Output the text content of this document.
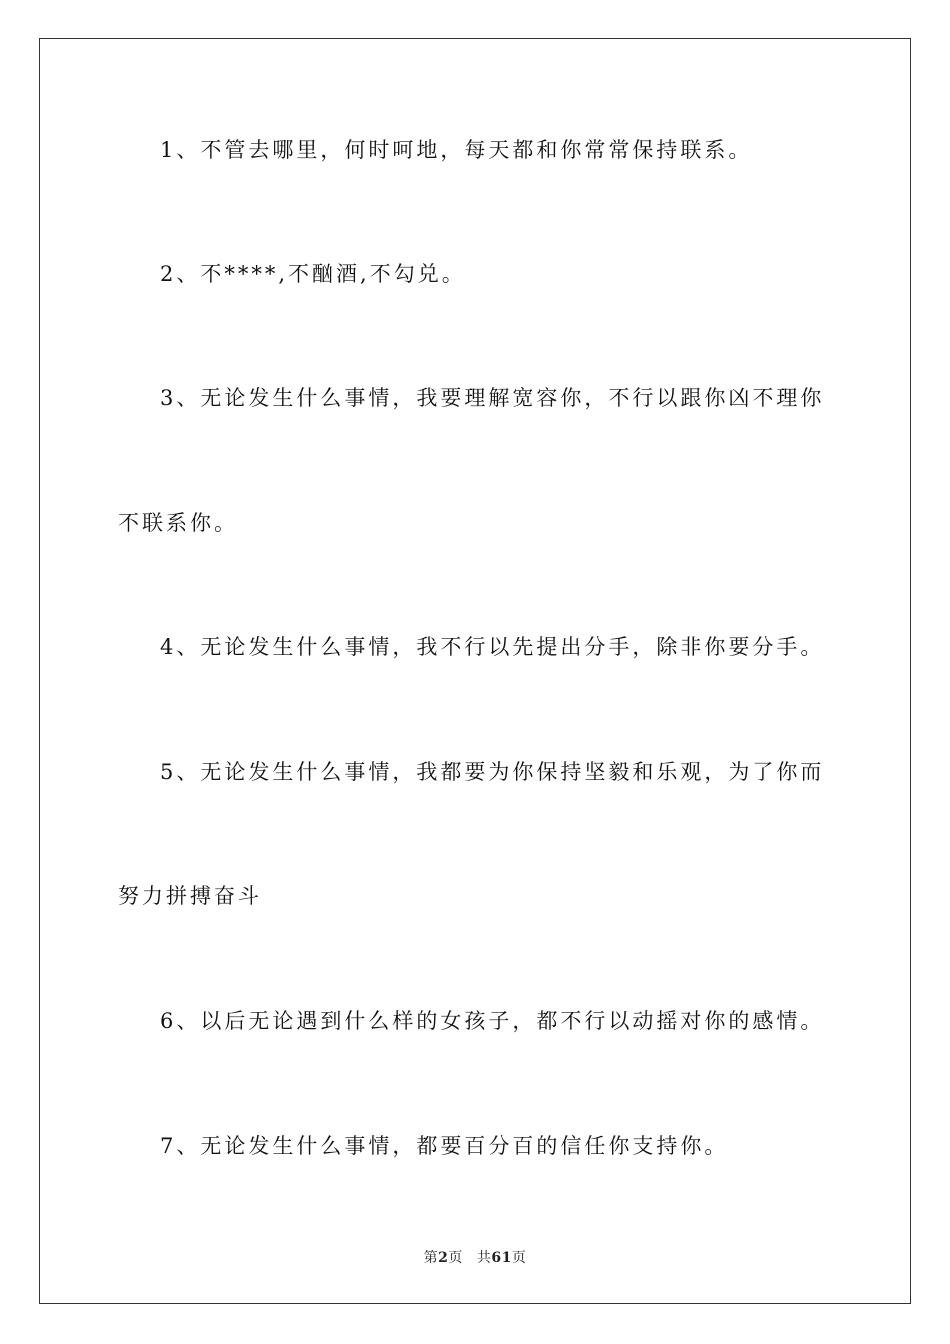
1、不管去哪里，何时呵地，每天都和你常常保持联系。
2、不****,不酗酒,不勾兑。
3、无论发生什么事情，我要理解宽容你，不行以跟你凶不理你
不联系你。
4、无论发生什么事情，我不行以先提出分手，除非你要分手。
5、无论发生什么事情，我都要为你保持坚毅和乐观，为了你而
努力拼搏奋斗
6、以后无论遇到什么样的女孩子，都不行以动摇对你的感情。
7、无论发生什么事情，都要百分百的信任你支持你。
第2页 共61页
